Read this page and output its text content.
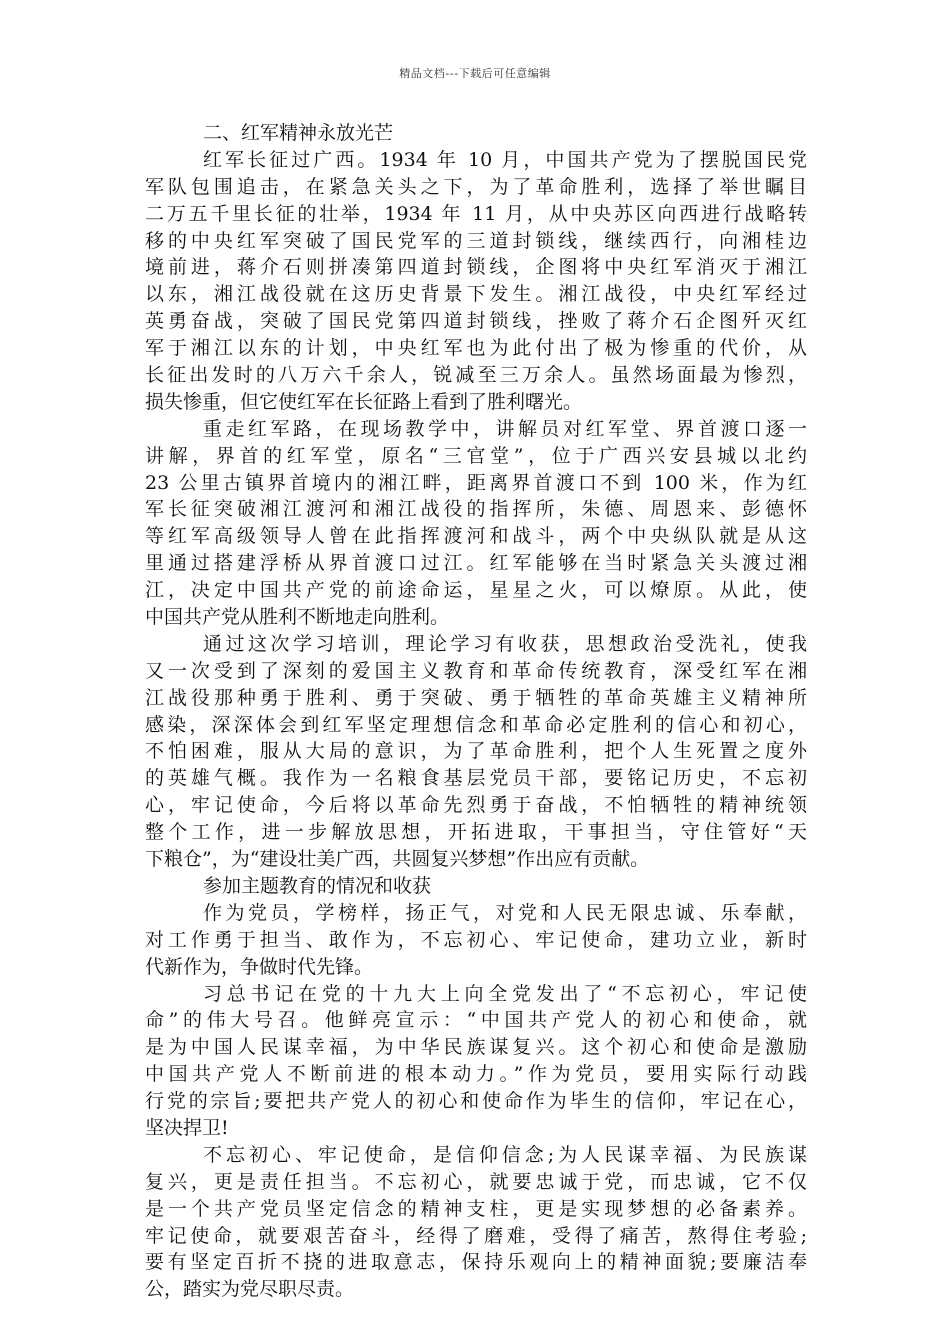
精品文档---下载后可任意编辑
二、红军精神永放光芒
红军长征过广西。1934 年 10 月，中国共产党为了摆脱国民党
军队包围追击，在紧急关头之下，为了革命胜利，选择了举世瞩目
二万五千里长征的壮举，1934 年 11 月，从中央苏区向西进行战略转
移的中央红军突破了国民党军的三道封锁线，继续西行，向湘桂边
境前进，蒋介石则拼凑第四道封锁线，企图将中央红军消灭于湘江
以东，湘江战役就在这历史背景下发生。湘江战役，中央红军经过
英勇奋战，突破了国民党第四道封锁线，挫败了蒋介石企图歼灭红
军于湘江以东的计划，中央红军也为此付出了极为惨重的代价，从
长征出发时的八万六千余人，锐减至三万余人。虽然场面最为惨烈，
损失惨重，但它使红军在长征路上看到了胜利曙光。
重走红军路，在现场教学中，讲解员对红军堂、界首渡口逐一
讲解，界首的红军堂，原名“三官堂”，位于广西兴安县城以北约
23 公里古镇界首境内的湘江畔，距离界首渡口不到 100 米，作为红
军长征突破湘江渡河和湘江战役的指挥所，朱德、周恩来、彭德怀
等红军高级领导人曾在此指挥渡河和战斗，两个中央纵队就是从这
里通过搭建浮桥从界首渡口过江。红军能够在当时紧急关头渡过湘
江，决定中国共产党的前途命运，星星之火，可以燎原。从此，使
中国共产党从胜利不断地走向胜利。
通过这次学习培训，理论学习有收获，思想政治受洗礼，使我
又一次受到了深刻的爱国主义教育和革命传统教育，深受红军在湘
江战役那种勇于胜利、勇于突破、勇于牺牲的革命英雄主义精神所
感染，深深体会到红军坚定理想信念和革命必定胜利的信心和初心，
不怕困难，服从大局的意识，为了革命胜利，把个人生死置之度外
的英雄气概。我作为一名粮食基层党员干部，要铭记历史，不忘初
心，牢记使命，今后将以革命先烈勇于奋战，不怕牺牲的精神统领
整个工作，进一步解放思想，开拓进取，干事担当，守住管好“天
下粮仓”，为“建设壮美广西，共圆复兴梦想”作出应有贡献。
参加主题教育的情况和收获
作为党员，学榜样，扬正气，对党和人民无限忠诚、乐奉献，
对工作勇于担当、敢作为，不忘初心、牢记使命，建功立业，新时
代新作为，争做时代先锋。
习总书记在党的十九大上向全党发出了“不忘初心，牢记使
命”的伟大号召。他鲜亮宣示：“中国共产党人的初心和使命，就
是为中国人民谋幸福，为中华民族谋复兴。这个初心和使命是激励
中国共产党人不断前进的根本动力。”作为党员，要用实际行动践
行党的宗旨;要把共产党人的初心和使命作为毕生的信仰，牢记在心，
坚决捍卫!
不忘初心、牢记使命，是信仰信念;为人民谋幸福、为民族谋
复兴，更是责任担当。不忘初心，就要忠诚于党，而忠诚，它不仅
是一个共产党员坚定信念的精神支柱，更是实现梦想的必备素养。
牢记使命，就要艰苦奋斗，经得了磨难，受得了痛苦，熬得住考验;
要有坚定百折不挠的进取意志，保持乐观向上的精神面貌;要廉洁奉
公，踏实为党尽职尽责。
